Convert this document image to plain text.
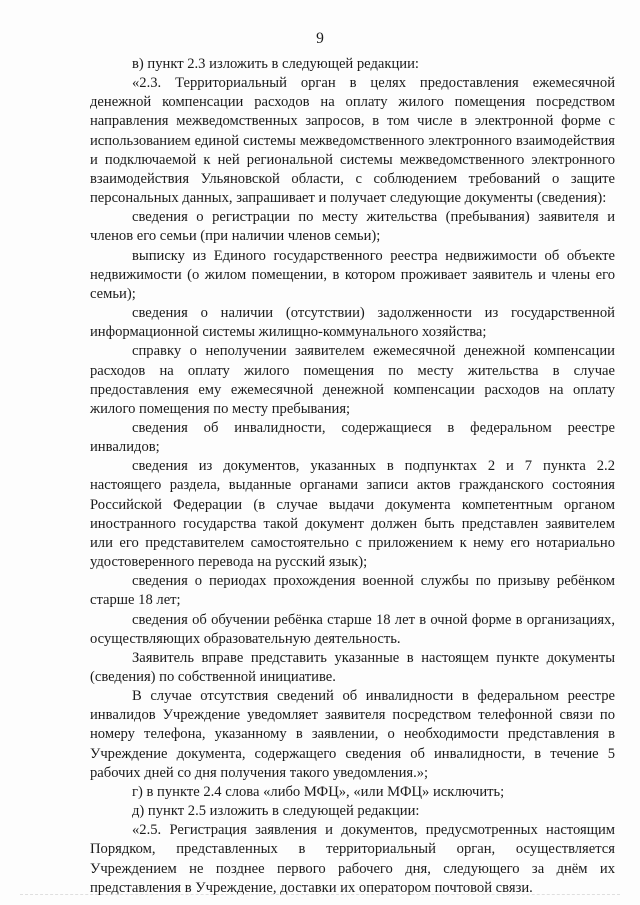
9

в) пункт 2.3 изложить в следующей редакции:

«2.3. Территориальный орган в целях предоставления ежемесячной денежной компенсации расходов на оплату жилого помещения посредством направления межведомственных запросов, в том числе в электронной форме с использованием единой системы межведомственного электронного взаимодействия и подключаемой к ней региональной системы межведомственного электронного взаимодействия Ульяновской области, с соблюдением требований о защите персональных данных, запрашивает и получает следующие документы (сведения):

сведения о регистрации по месту жительства (пребывания) заявителя и членов его семьи (при наличии членов семьи);

выписку из Единого государственного реестра недвижимости об объекте недвижимости (о жилом помещении, в котором проживает заявитель и члены его семьи);

сведения о наличии (отсутствии) задолженности из государственной информационной системы жилищно-коммунального хозяйства;

справку о неполучении заявителем ежемесячной денежной компенсации расходов на оплату жилого помещения по месту жительства в случае предоставления ему ежемесячной денежной компенсации расходов на оплату жилого помещения по месту пребывания;

сведения об инвалидности, содержащиеся в федеральном реестре инвалидов;

сведения из документов, указанных в подпунктах 2 и 7 пункта 2.2 настоящего раздела, выданные органами записи актов гражданского состояния Российской Федерации (в случае выдачи документа компетентным органом иностранного государства такой документ должен быть представлен заявителем или его представителем самостоятельно с приложением к нему его нотариально удостоверенного перевода на русский язык);

сведения о периодах прохождения военной службы по призыву ребёнком старше 18 лет;

сведения об обучении ребёнка старше 18 лет в очной форме в организациях, осуществляющих образовательную деятельность.

Заявитель вправе представить указанные в настоящем пункте документы (сведения) по собственной инициативе.

В случае отсутствия сведений об инвалидности в федеральном реестре инвалидов Учреждение уведомляет заявителя посредством телефонной связи по номеру телефона, указанному в заявлении, о необходимости представления в Учреждение документа, содержащего сведения об инвалидности, в течение 5 рабочих дней со дня получения такого уведомления.»;

г) в пункте 2.4 слова «либо МФЦ», «или МФЦ» исключить;

д) пункт 2.5 изложить в следующей редакции:

«2.5. Регистрация заявления и документов, предусмотренных настоящим Порядком, представленных в территориальный орган, осуществляется Учреждением не позднее первого рабочего дня, следующего за днём их представления в Учреждение, доставки их оператором почтовой связи.
